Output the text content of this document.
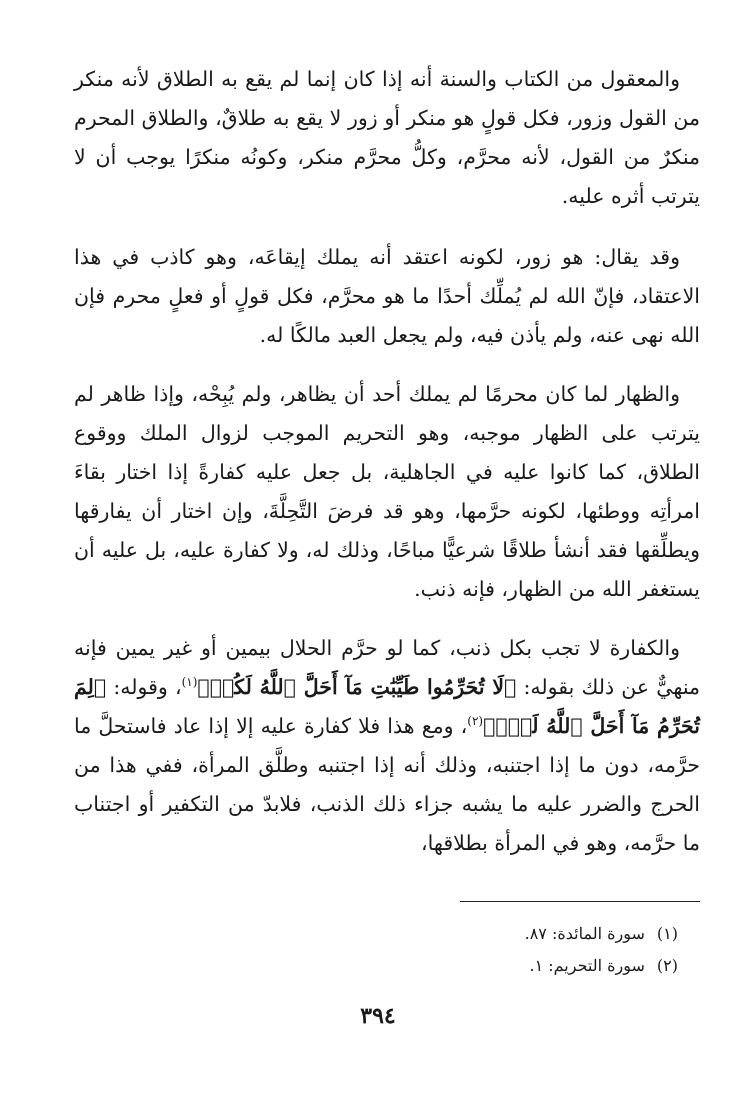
والمعقول من الكتاب والسنة أنه إذا كان إنما لم يقع به الطلاق لأنه منكر من القول وزور، فكل قولٍ هو منكر أو زور لا يقع به طلاقٌ، والطلاق المحرم منكرٌ من القول، لأنه محرَّم، وكلُّ محرَّم منكر، وكونُه منكرًا يوجب أن لا يترتب أثره عليه.

وقد يقال: هو زور، لكونه اعتقد أنه يملك إيقاعَه، وهو كاذب في هذا الاعتقاد، فإنّ الله لم يُملِّك أحدًا ما هو محرَّم، فكل قولٍ أو فعلٍ محرم فإن الله نهى عنه، ولم يأذن فيه، ولم يجعل العبد مالكًا له.

والظهار لما كان محرمًا لم يملك أحد أن يظاهر، ولم يُبِحْه، وإذا ظاهر لم يترتب على الظهار موجبه، وهو التحريم الموجب لزوال الملك ووقوع الطلاق، كما كانوا عليه في الجاهلية، بل جعل عليه كفارةً إذا اختار بقاءَ امرأتِه ووطئها، لكونه حرَّمها، وهو قد فرضَ التَّحِلَّةَ، وإن اختار أن يفارقها ويطلِّقها فقد أنشأ طلاقًا شرعيًّا مباحًا، وذلك له، ولا كفارة عليه، بل عليه أن يستغفر الله من الظهار، فإنه ذنب.

والكفارة لا تجب بكل ذنب، كما لو حرَّم الحلال بيمين أو غير يمين فإنه منهيٌّ عن ذلك بقوله: ﴿لَا تُحَرِّمُوا طَيِّبَٰتِ مَآ أَحَلَّ ٱللَّهُ لَكُمۡ﴾$^{(١)}$، وقوله: ﴿لِمَ تُحَرِّمُ مَآ أَحَلَّ ٱللَّهُ لَكَۖ﴾$^{(٢)}$، ومع هذا فلا كفارة عليه إلا إذا عاد فاستحلَّ ما حرَّمه، دون ما إذا اجتنبه، وذلك أنه إذا اجتنبه وطلَّق المرأة، ففي هذا من الحرج والضرر عليه ما يشبه جزاء ذلك الذنب، فلابدّ من التكفير أو اجتناب ما حرَّمه، وهو في المرأة بطلاقها،

(١)سورة المائدة: ٨٧.

(٢)سورة التحريم: ١.

٣٩٤
